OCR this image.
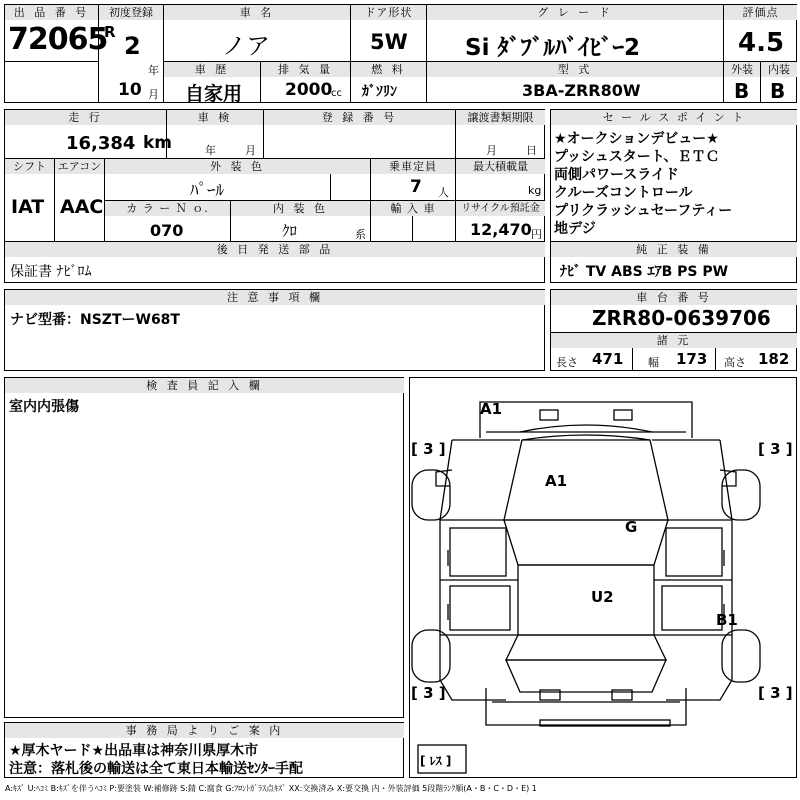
出 品 番 号
72065
初度登録
R 2
年
10 月
車 名
ノア
車 歴
自家用
排 気 量
2000
cc
ドア形状
5W
燃 料
ｶﾞｿﾘﾝ
グ レ ー ド
Si ﾀﾞﾌﾞﾙﾊﾞｲﾋﾞｰ2
型 式
3BA-ZRR80W
評価点
4.5
外装	内装
B B
走 行
16,384 km
車 検
年	月
登 録 番 号	譲渡書類期限
月	日
シフト
IAT
エアコン
AAC
外 装 色
ﾊﾟｰﾙ
乗車定員
7 人
最大積載量
kg
カ ラ ー Ｎ ｏ.
070
内 装 色
ｸﾛ	系
輸 入 車	リサイクル預託金
12,470 円
後 日 発 送 部 品
保証書 ﾅﾋﾞﾛﾑ
セ ー ル ス ポ イ ン ト
★オークションデビュー★
プッシュスタート、ＥＴＣ
両側パワースライド
クルーズコントロール
プリクラッシュセーフティー
地デジ
純 正 装 備
ﾅﾋﾞ TV ABS ｴｱB PS PW
注 意 事 項 欄
ナビ型番：NSZTーW68T
車 台 番 号
ZRR80-0639706
諸 元
長さ 471 幅 173 高さ 182
検 査 員 記 入 欄
室内内張傷
事 務 局 よ り ご 案 内
★厚木ヤード★出品車は神奈川県厚木市
注意：落札後の輸送は全て東日本輸送ｾﾝﾀｰ手配
A1
A1
G
U2
B1
[ 3 ]	[ 3 ]
[ 3 ]	[ 3 ]
[ ﾚｽ ]
A:ｷｽﾞ U:ﾍｺﾐ B:ｷｽﾞを伴うﾍｺﾐ P:要塗装 W:補修跡 S:錆 C:腐食 G:ﾌﾛﾝﾄｶﾞﾗｽ点ｷｽﾞ XX:交換済み X:要交換 内・外装評価 5段階ﾗﾝｸ順(A・B・C・D・E) 1
